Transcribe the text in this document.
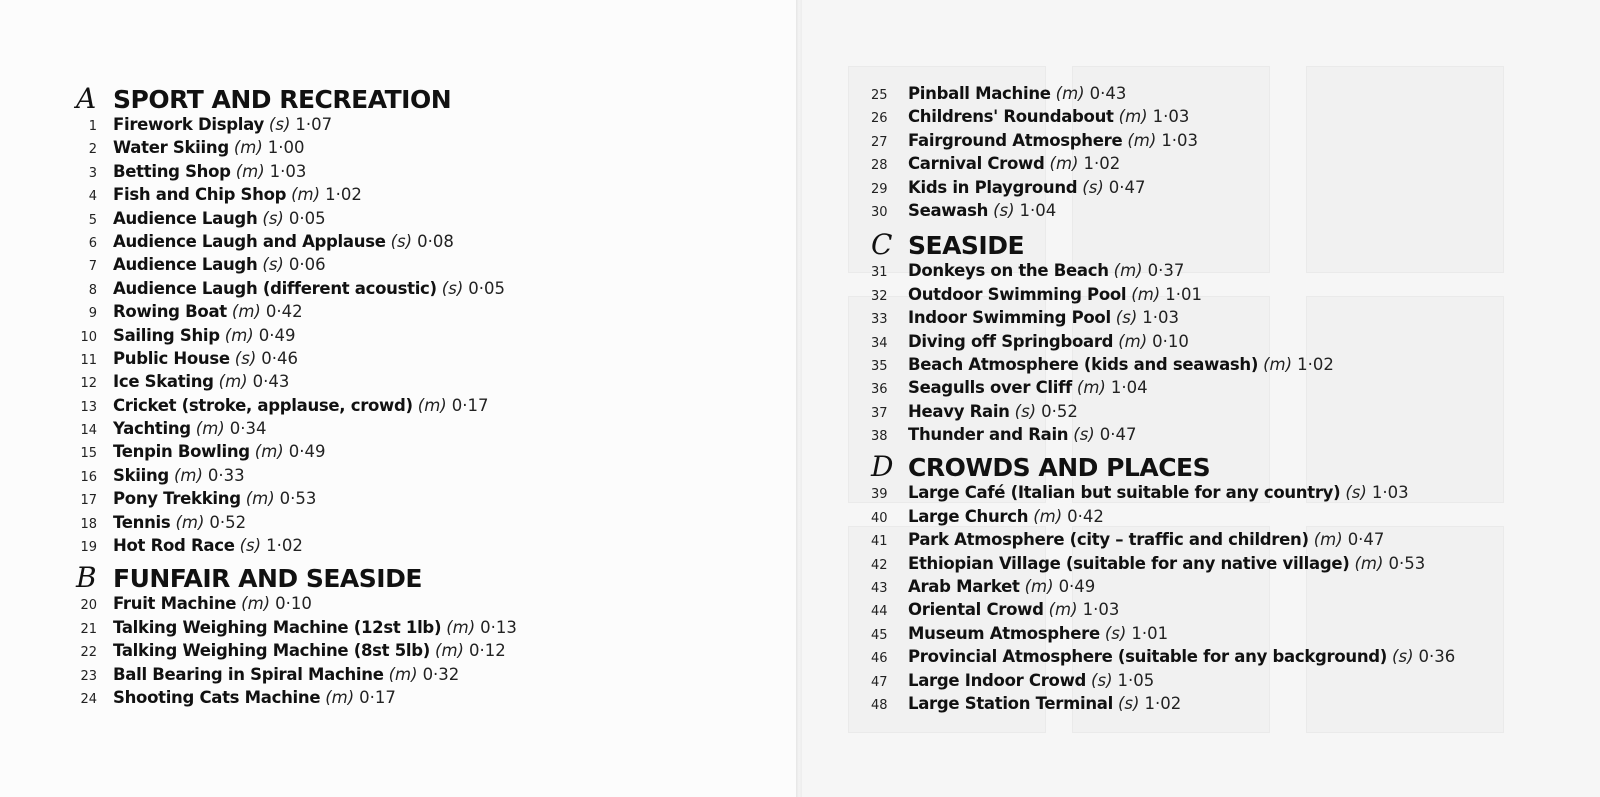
A SPORT AND RECREATION
1 Firework Display (s) 1·07
2 Water Skiing (m) 1·00
3 Betting Shop (m) 1·03
4 Fish and Chip Shop (m) 1·02
5 Audience Laugh (s) 0·05
6 Audience Laugh and Applause (s) 0·08
7 Audience Laugh (s) 0·06
8 Audience Laugh (different acoustic) (s) 0·05
9 Rowing Boat (m) 0·42
10 Sailing Ship (m) 0·49
11 Public House (s) 0·46
12 Ice Skating (m) 0·43
13 Cricket (stroke, applause, crowd) (m) 0·17
14 Yachting (m) 0·34
15 Tenpin Bowling (m) 0·49
16 Skiing (m) 0·33
17 Pony Trekking (m) 0·53
18 Tennis (m) 0·52
19 Hot Rod Race (s) 1·02
B FUNFAIR AND SEASIDE
20 Fruit Machine (m) 0·10
21 Talking Weighing Machine (12st 1lb) (m) 0·13
22 Talking Weighing Machine (8st 5lb) (m) 0·12
23 Ball Bearing in Spiral Machine (m) 0·32
24 Shooting Cats Machine (m) 0·17
25	Pinball Machine (m) 0·43
26	Childrens' Roundabout (m) 1·03
27	Fairground Atmosphere (m) 1·03
28	Carnival Crowd (m) 1·02
29	Kids in Playground (s) 0·47
30	Seawash (s) 1·04
C SEASIDE
31	Donkeys on the Beach (m) 0·37
32	Outdoor Swimming Pool (m) 1·01
33	Indoor Swimming Pool (s) 1·03
34	Diving off Springboard (m) 0·10
35	Beach Atmosphere (kids and seawash) (m) 1·02
36	Seagulls over Cliff (m) 1·04
37	Heavy Rain (s) 0·52
38	Thunder and Rain (s) 0·47
D CROWDS AND PLACES
39	Large Café (Italian but suitable for any country) (s) 1·03
40	Large Church (m) 0·42
41	Park Atmosphere (city – traffic and children) (m) 0·47
42	Ethiopian Village (suitable for any native village) (m) 0·53
43	Arab Market (m) 0·49
44	Oriental Crowd (m) 1·03
45	Museum Atmosphere (s) 1·01
46	Provincial Atmosphere (suitable for any background) (s) 0·36
47	Large Indoor Crowd (s) 1·05
48	Large Station Terminal (s) 1·02
